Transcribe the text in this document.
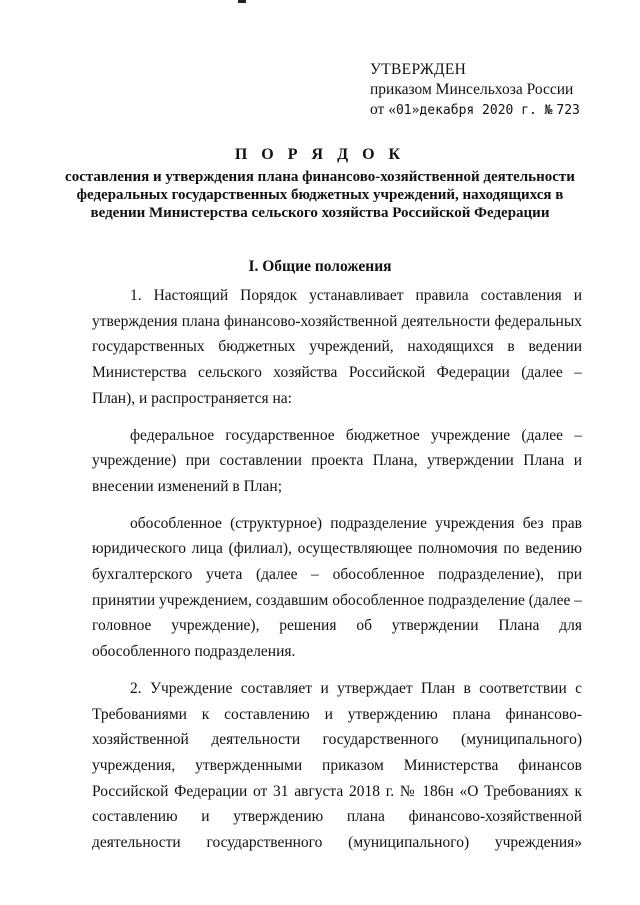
УТВЕРЖДЕН
приказом Минсельхоза России
от «01»декабря 2020 г. № 723
П О Р Я Д О К
составления и утверждения плана финансово-хозяйственной деятельности федеральных государственных бюджетных учреждений, находящихся в ведении Министерства сельского хозяйства Российской Федерации
I. Общие положения

1. Настоящий Порядок устанавливает правила составления и утверждения плана финансово-хозяйственной деятельности федеральных государственных бюджетных учреждений, находящихся в ведении Министерства сельского хозяйства Российской Федерации (далее – План), и распространяется на:

федеральное государственное бюджетное учреждение (далее – учреждение) при составлении проекта Плана, утверждении Плана и внесении изменений в План;

обособленное (структурное) подразделение учреждения без прав юридического лица (филиал), осуществляющее полномочия по ведению бухгалтерского учета (далее – обособленное подразделение), при принятии учреждением, создавшим обособленное подразделение (далее – головное учреждение), решения об утверждении Плана для обособленного подразделения.

2. Учреждение составляет и утверждает План в соответствии с Требованиями к составлению и утверждению плана финансово-хозяйственной деятельности государственного (муниципального) учреждения, утвержденными приказом Министерства финансов Российской Федерации от 31 августа 2018 г. № 186н «О Требованиях к составлению и утверждению плана финансово-хозяйственной деятельности государственного (муниципального) учреждения»
